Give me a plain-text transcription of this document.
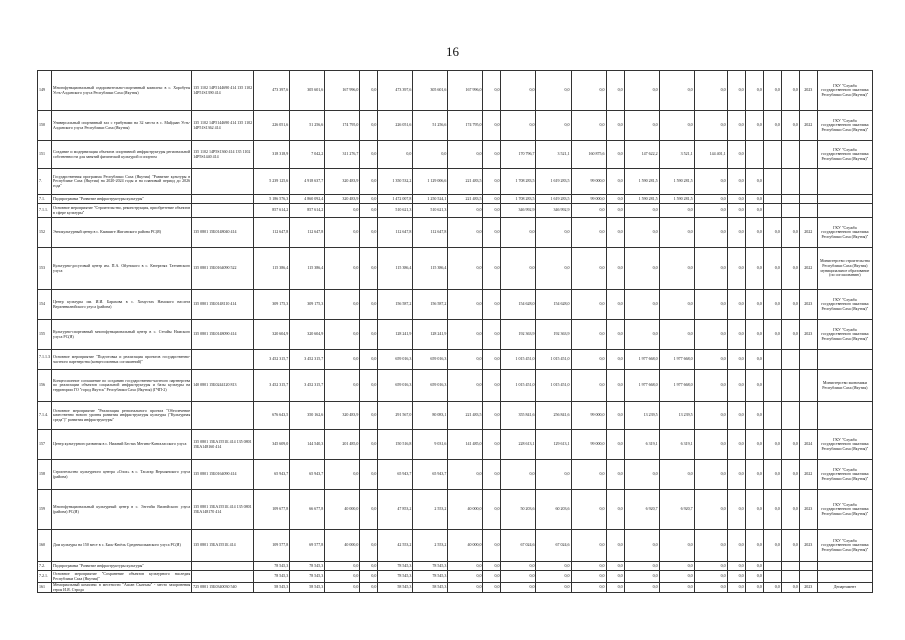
16
149	Многофункциональный оздоровительно-спортивный комплекс в с. Хоробуты Усть-Алданского улуса Республики Саха (Якутия)	135 1102 14Р5144690 414 135 1102 14Р51S1390 414	473 397,6	305 601,6	167 996,0	0,0	473 397,6	305 601,6	167 996,0	0,0	0,0	0,0	0,0	0,0	0,0	0,0	0,0	0,0	0,0	0,0	0,0	2023	ГКУ "Служба государственного заказчика Республики Саха (Якутия)"
150	Универсальный спортивный зал с трибунами на 32 места в с. Майдаан Усть-Алданского улуса Республики Саха (Якутия)	135 1102 14Р5144690 414 135 1102 14Р51S1362 414	226 051,6	51 256,6	174 795,0	0,0	226 051,6	51 256,6	174 795,0	0,0	0,0	0,0	0,0	0,0	0,0	0,0	0,0	0,0	0,0	0,0	0,0	2022	ГКУ "Служба государственного заказчика Республики Саха (Якутия)"
151	Создание и модернизация объектов спортивной инфраструктуры региональной собственности для занятий физической культурой и спортом	135 1102 14Р5S1360 414 135 1102 14Р5S1440 414	318 318,9	7 042,2	311 276,7	0,0	0,0	0,0	0,0	0,0	170 796,7	3 521,1	160 875,6	0,0	147 622,2	3 521,1	144 401,1	0,0					ГКУ "Служба государственного заказчика Республики Саха (Якутия)"
7.	Государственная программа Республики Саха (Якутия) "Развитие культуры в Республике Саха (Якутия) на 2020-2024 годы и на плановый период до 2026 года"		5 239 125,6	4 918 637,7	320 483,9	0,0	1 350 532,2	1 129 006,6	221 483,5	0,0	1 708 283,5	1 619 283,5	99 000,0	0,0	1 590 281,5	1 590 281,5	0,0	0,0	0,0				
7.1.	Подпрограмма "Развитие инфраструктуры культуры"		5 186 576,3	4 860 092,4	320 483,9	0,0	1 472 007,8	1 250 524,1	221 483,5	0,0	1 708 283,5	1 619 283,5	99 000,0	0,0	1 590 281,5	1 590 281,5	0,0	0,0	0,0				
7.1.1.	Основное мероприятие "Строительство, реконструкция, приобретение объектов в сфере культуры"		857 614,2	857 614,2	0,0	0,0	510 621,3	510 621,3	0,0	0,0	346 992,9	346 992,9	0,0	0,0	0,0	0,0	0,0	0,0	0,0				
152	Этнокультурный центр в с. Камшиге Жиганского района РС(Я)	135 0801 15Б0148040 414	112 647,8	112 647,8	0,0	0,0	112 647,8	112 647,8	0,0	0,0	0,0	0,0	0,0	0,0	0,0	0,0	0,0	0,0	0,0	0,0	0,0	2022	ГКУ "Служба государственного заказчика Республики Саха (Якутия)"
153	Культурно-досуговый центр им. П.А. Ойунского в с. Кюерелях Таттинского улуса	135 0801 15Б0164090 522	115 386,4	115 386,4	0,0	0,0	115 386,4	115 386,4	0,0	0,0	0,0	0,0	0,0	0,0	0,0	0,0	0,0	0,0	0,0	0,0	0,0	2022	Министерство строительства Республики Саха (Якутия) муниципальное образование (по согласованию)
154	Центр культуры им. И.И. Барахова в с. Хомустах Намского наслега Верхневилюйского улуса (района)	135 0801 15Б0148110 414	309 175,3	309 175,3	0,0	0,0	156 587,2	156 587,2	0,0	0,0	154 628,0	154 628,0	0,0	0,0	0,0	0,0	0,0	0,0	0,0	0,0	0,0	2023	ГКУ "Служба государственного заказчика Республики Саха (Якутия)"
155	Культурно-спортивный многофункциональный центр в с. Сттайы Намского улуса РС(Я)	135 0801 15Б0148090 414	320 604,9	320 604,9	0,0	0,0	128 241,9	128 241,9	0,0	0,0	192 363,9	192 363,9	0,0	0,0	0,0	0,0	0,0	0,0	0,0	0,0	0,0	2023	ГКУ "Служба государственного заказчика Республики Саха (Якутия)"
7.1.1.3.	Основное мероприятие "Подготовка и реализация проектов государственно-частного партнерства (концессионных соглашений)"		3 452 315,7	3 452 315,7	0,0	0,0	659 016,3	659 016,3	0,0	0,0	1 015 451,0	1 015 451,0	0,0	0,0	1 977 668,0	1 977 668,0	0,0	0,0	0,0				
156	Концессионное соглашение по созданию государственно-частного партнерства по реализации объектов социальной инфраструктуры и базы культуры на территории ГО "город Якутск" Республики Саха (Якутия) (ГЧП-2)	140 0801 15Б0244120 813	3 452 315,7	3 452 315,7	0,0	0,0	659 016,3	659 016,3	0,0	0,0	1 015 451,0	1 015 451,0	0,0	0,0	1 977 668,0	1 977 668,0	0,0	0,0	0,0				Министерство экономики Республики Саха (Якутия)
7.1.4.	Основное мероприятие "Реализация регионального проекта "Обеспечение качественно нового уровня развития инфраструктуры культуры ("Культурная среда")" развития инфраструктуры"		676 643,5	350 162,6	320 483,9	0,0	291 567,0	80 083,1	221 483,5	0,0	355 841,6	256 841,6	99 000,0	0,0	13 239,5	13 239,5	0,0	0,0	0,0				
157	Центр культурного развития в с. Нижний Бестях Мегино-Кангаласского улуса	135 0801 15БА1551Б 414 135 0801 15БА148160 414	345 609,0	144 540,3	201 485,0	0,0	150 516,8	9 031,6	141 485,0	0,0	228 613,1	129 613,1	99 000,0	0,0	6 319,1	6 319,1	0,0	0,0	0,0	0,0	0,0	2024	ГКУ "Служба государственного заказчика Республики Саха (Якутия)"
158	Строительство культурного центра «Олох» в с. Тасагар Верхоянского улуса (района)	135 0801 15Б0164090 414	65 943,7	65 943,7	0,0	0,0	65 943,7	65 943,7	0,0	0,0	0,0	0,0	0,0	0,0	0,0	0,0	0,0	0,0	0,0	0,0	0,0	2022	ГКУ "Служба государственного заказчика Республики Саха (Якутия)"
159	Многофункциональный культурный центр в с. Элгеэйи Вилюйского улуса (района) РС(Я)	135 0801 15БА1551Б 414 135 0801 15БА148170 414	109 677,8	66 677,8	40 000,0	0,0	47 853,2	2 553,2	40 000,0	0,0	50 203,6	60 203,6	0,0	0,0	6 920,7	6 920,7	0,0	0,0	0,0	0,0	0,0	2023	ГКУ "Служба государственного заказчика Республики Саха (Якутия)"
160	Дом культуры на 150 мест в с. Бясь-Кюёль Среднеколымского улуса РС(Я)	135 0801 15БА1551Б 414	109 577,8	69 577,8	40 000,0	0,0	42 553,2	2 553,2	40 000,0	0,0	67 024,6	67 024,6	0,0	0,0	0,0	0,0	0,0	0,0	0,0	0,0	0,0	2023	ГКУ "Служба государственного заказчика Республики Саха (Якутия)"
7.2.	Подпрограмма "Развитие инфраструктуры культуры"		78 545,3	78 545,3	0,0	0,0	78 545,3	78 545,3	0,0	0,0	0,0	0,0	0,0	0,0	0,0	0,0	0,0	0,0	0,0				
7.2.1.	Основное мероприятие "Сохранение объектов культурного наследия Республики Саха (Якутия)"		78 545,3	78 545,3	0,0	0,0	78 545,3	78 545,3	0,0	0,0	0,0	0,0	0,0	0,0	0,0	0,0	0,0	0,0	0,0				
161	Мемориальный комплекс в местности "Аасан Сылгыы" - место захоронения героя И.Я. Строда	725 0801 15Б0340030 540	58 545,3	58 545,3	0,0	0,0	58 545,3	58 545,3	0,0	0,0	0,0	0,0	0,0	0,0	0,0	0,0	0,0	0,0	0,0	0,0	0,0	2023	Департамент
